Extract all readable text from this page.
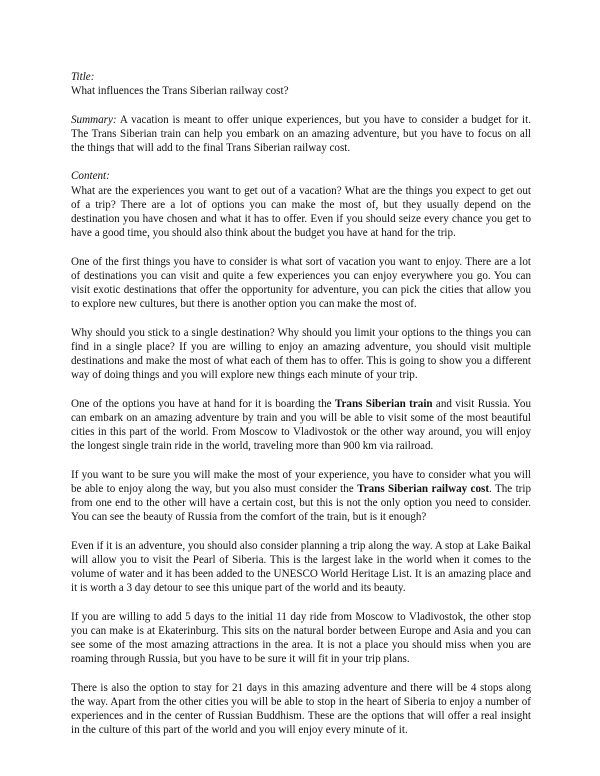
Title:
What influences the Trans Siberian railway cost?
Summary: A vacation is meant to offer unique experiences, but you have to consider a budget for it. The Trans Siberian train can help you embark on an amazing adventure, but you have to focus on all the things that will add to the final Trans Siberian railway cost.
Content:

What are the experiences you want to get out of a vacation? What are the things you expect to get out of a trip? There are a lot of options you can make the most of, but they usually depend on the destination you have chosen and what it has to offer. Even if you should seize every chance you get to have a good time, you should also think about the budget you have at hand for the trip.

One of the first things you have to consider is what sort of vacation you want to enjoy. There are a lot of destinations you can visit and quite a few experiences you can enjoy everywhere you go. You can visit exotic destinations that offer the opportunity for adventure, you can pick the cities that allow you to explore new cultures, but there is another option you can make the most of.

Why should you stick to a single destination? Why should you limit your options to the things you can find in a single place? If you are willing to enjoy an amazing adventure, you should visit multiple destinations and make the most of what each of them has to offer. This is going to show you a different way of doing things and you will explore new things each minute of your trip.

One of the options you have at hand for it is boarding the Trans Siberian train and visit Russia. You can embark on an amazing adventure by train and you will be able to visit some of the most beautiful cities in this part of the world. From Moscow to Vladivostok or the other way around, you will enjoy the longest single train ride in the world, traveling more than 900 km via railroad.

If you want to be sure you will make the most of your experience, you have to consider what you will be able to enjoy along the way, but you also must consider the Trans Siberian railway cost. The trip from one end to the other will have a certain cost, but this is not the only option you need to consider. You can see the beauty of Russia from the comfort of the train, but is it enough?

Even if it is an adventure, you should also consider planning a trip along the way. A stop at Lake Baikal will allow you to visit the Pearl of Siberia. This is the largest lake in the world when it comes to the volume of water and it has been added to the UNESCO World Heritage List. It is an amazing place and it is worth a 3 day detour to see this unique part of the world and its beauty.

If you are willing to add 5 days to the initial 11 day ride from Moscow to Vladivostok, the other stop you can make is at Ekaterinburg. This sits on the natural border between Europe and Asia and you can see some of the most amazing attractions in the area. It is not a place you should miss when you are roaming through Russia, but you have to be sure it will fit in your trip plans.

There is also the option to stay for 21 days in this amazing adventure and there will be 4 stops along the way. Apart from the other cities you will be able to stop in the heart of Siberia to enjoy a number of experiences and in the center of Russian Buddhism. These are the options that will offer a real insight in the culture of this part of the world and you will enjoy every minute of it.
